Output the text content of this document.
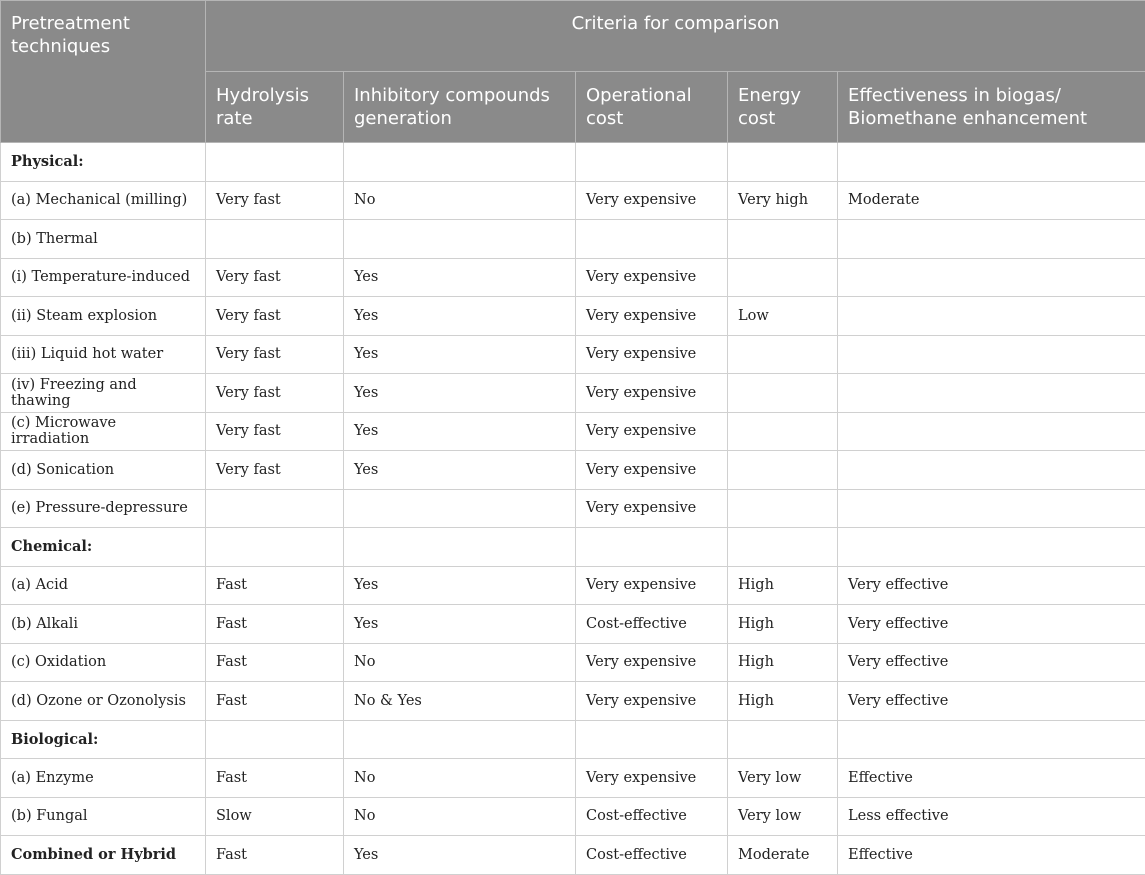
Pretreatment techniques	Criteria for comparison				
	Hydrolysis rate	Inhibitory compounds generation	Operational cost	Energy cost	Effectiveness in biogas/ Biomethane enhancement
Physical:					
(a) Mechanical (milling)	Very fast	No	Very expensive	Very high	Moderate
(b) Thermal					
(i) Temperature-induced	Very fast	Yes	Very expensive		
(ii) Steam explosion	Very fast	Yes	Very expensive	Low	
(iii) Liquid hot water	Very fast	Yes	Very expensive		
(iv) Freezing and thawing	Very fast	Yes	Very expensive		
(c) Microwave irradiation	Very fast	Yes	Very expensive		
(d) Sonication	Very fast	Yes	Very expensive		
(e) Pressure-depressure			Very expensive		
Chemical:					
(a) Acid	Fast	Yes	Very expensive	High	Very effective
(b) Alkali	Fast	Yes	Cost-effective	High	Very effective
(c) Oxidation	Fast	No	Very expensive	High	Very effective
(d) Ozone or Ozonolysis	Fast	No & Yes	Very expensive	High	Very effective
Biological:					
(a) Enzyme	Fast	No	Very expensive	Very low	Effective
(b) Fungal	Slow	No	Cost-effective	Very low	Less effective
Combined or Hybrid	Fast	Yes	Cost-effective	Moderate	Effective
